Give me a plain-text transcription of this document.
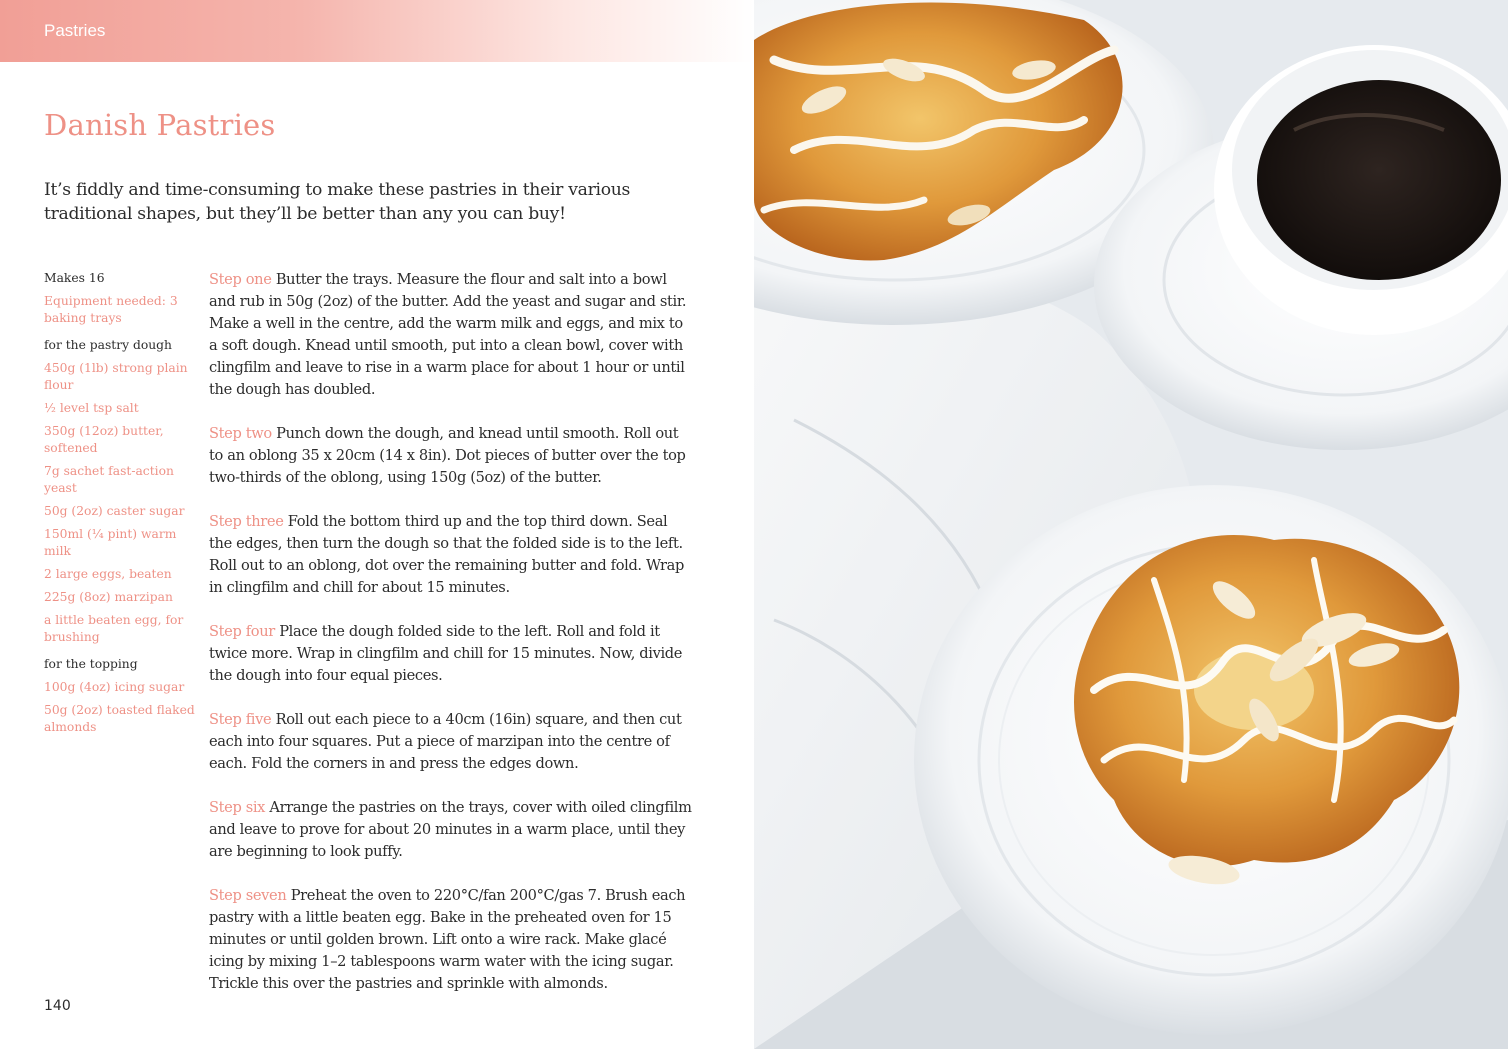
Pastries
Danish Pastries

It’s fiddly and time-consuming to make these pastries in their various traditional shapes, but they’ll be better than any you can buy!

Makes 16

Equipment needed: 3 baking trays

for the pastry dough

450g (1lb) strong plain flour

½ level tsp salt

350g (12oz) butter, softened

7g sachet fast-action yeast

50g (2oz) caster sugar

150ml (¼ pint) warm milk

2 large eggs, beaten

225g (8oz) marzipan

a little beaten egg, for brushing

for the topping

100g (4oz) icing sugar

50g (2oz) toasted flaked almonds

Step one Butter the trays. Measure the flour and salt into a bowl and rub in 50g (2oz) of the butter. Add the yeast and sugar and stir. Make a well in the centre, add the warm milk and eggs, and mix to a soft dough. Knead until smooth, put into a clean bowl, cover with clingfilm and leave to rise in a warm place for about 1 hour or until the dough has doubled.

Step two Punch down the dough, and knead until smooth. Roll out to an oblong 35 x 20cm (14 x 8in). Dot pieces of butter over the top two-thirds of the oblong, using 150g (5oz) of the butter.

Step three Fold the bottom third up and the top third down. Seal the edges, then turn the dough so that the folded side is to the left. Roll out to an oblong, dot over the remaining butter and fold. Wrap in clingfilm and chill for about 15 minutes.

Step four Place the dough folded side to the left. Roll and fold it twice more. Wrap in clingfilm and chill for 15 minutes. Now, divide the dough into four equal pieces.

Step five Roll out each piece to a 40cm (16in) square, and then cut each into four squares. Put a piece of marzipan into the centre of each. Fold the corners in and press the edges down.

Step six Arrange the pastries on the trays, cover with oiled clingfilm and leave to prove for about 20 minutes in a warm place, until they are beginning to look puffy.

Step seven Preheat the oven to 220°C/fan 200°C/gas 7. Brush each pastry with a little beaten egg. Bake in the preheated oven for 15 minutes or until golden brown. Lift onto a wire rack. Make glacé icing by mixing 1–2 tablespoons warm water with the icing sugar. Trickle this over the pastries and sprinkle with almonds.

140
